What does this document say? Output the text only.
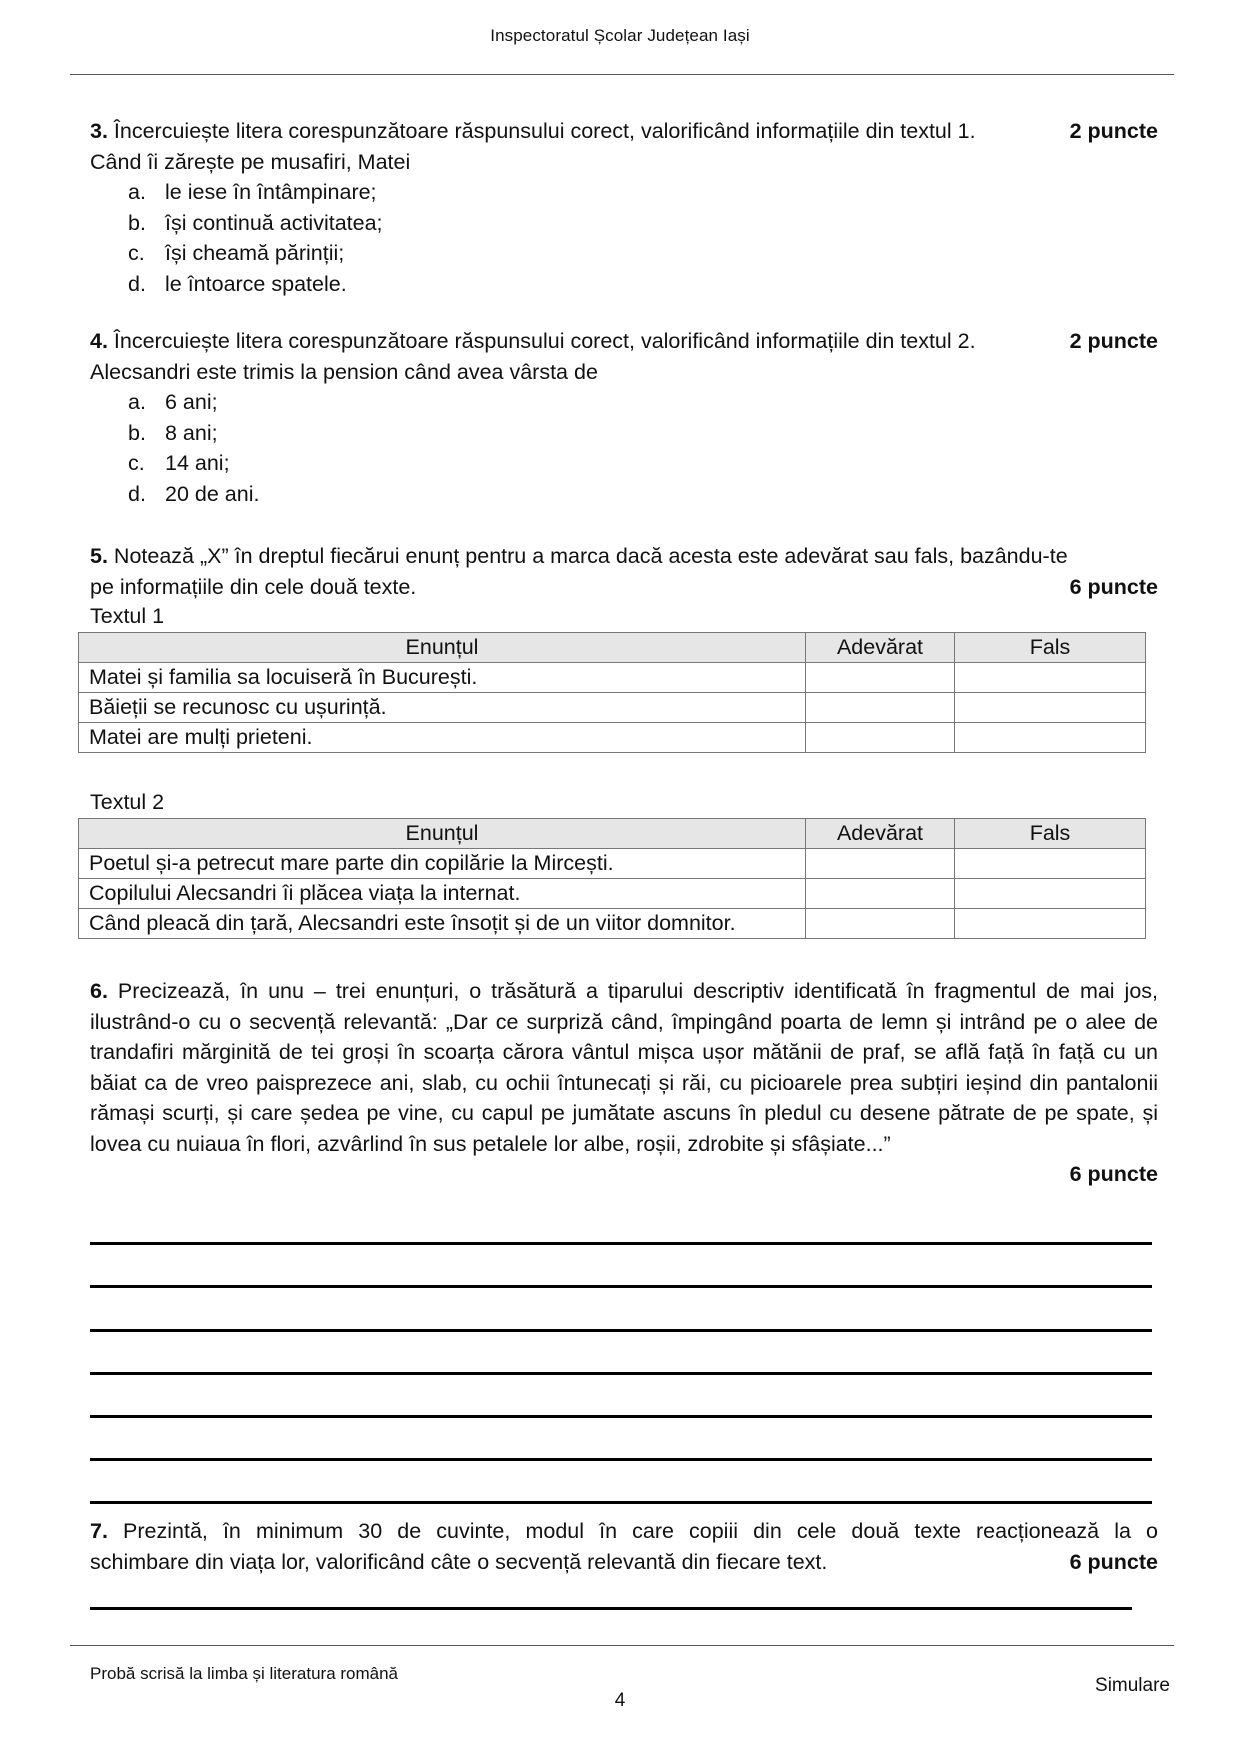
Inspectoratul Școlar Județean Iași
3. Încercuiește litera corespunzătoare răspunsului corect, valorificând informațiile din textul 1.	2 puncte
Când îi zărește pe musafiri, Matei
a. le iese în întâmpinare;
b. își continuă activitatea;
c. își cheamă părinții;
d. le întoarce spatele.
4. Încercuiește litera corespunzătoare răspunsului corect, valorificând informațiile din textul 2.	2 puncte
Alecsandri este trimis la pension când avea vârsta de
a. 6 ani;
b. 8 ani;
c. 14 ani;
d. 20 de ani.
5. Notează „X” în dreptul fiecărui enunț pentru a marca dacă acesta este adevărat sau fals, bazându-te
pe informațiile din cele două texte.	6 puncte
Textul 1
Enunțul	Adevărat	Fals
Matei și familia sa locuiseră în București.		
Băieții se recunosc cu ușurință.		
Matei are mulți prieteni.		
Textul 2
Enunțul	Adevărat	Fals
Poetul și-a petrecut mare parte din copilărie la Mircești.		
Copilului Alecsandri îi plăcea viața la internat.		
Când pleacă din țară, Alecsandri este însoțit și de un viitor domnitor.		
6. Precizează, în unu – trei enunțuri, o trăsătură a tiparului descriptiv identificată în fragmentul de mai jos, ilustrând-o cu o secvență relevantă: „Dar ce surpriză când, împingând poarta de lemn și intrând pe o alee de trandafiri mărginită de tei groși în scoarța cărora vântul mișca ușor mătănii de praf, se află față în față cu un băiat ca de vreo paisprezece ani, slab, cu ochii întunecați și răi, cu picioarele prea subțiri ieșind din pantalonii rămași scurți, și care ședea pe vine, cu capul pe jumătate ascuns în pledul cu desene pătrate de pe spate, și lovea cu nuiaua în flori, azvârlind în sus petalele lor albe, roșii, zdrobite și sfâșiate...”
6 puncte
7. Prezintă, în minimum 30 de cuvinte, modul în care copiii din cele două texte reacționează la o
schimbare din viața lor, valorificând câte o secvență relevantă din fiecare text.	6 puncte
Probă scrisă la limba și literatura română
Simulare
4
